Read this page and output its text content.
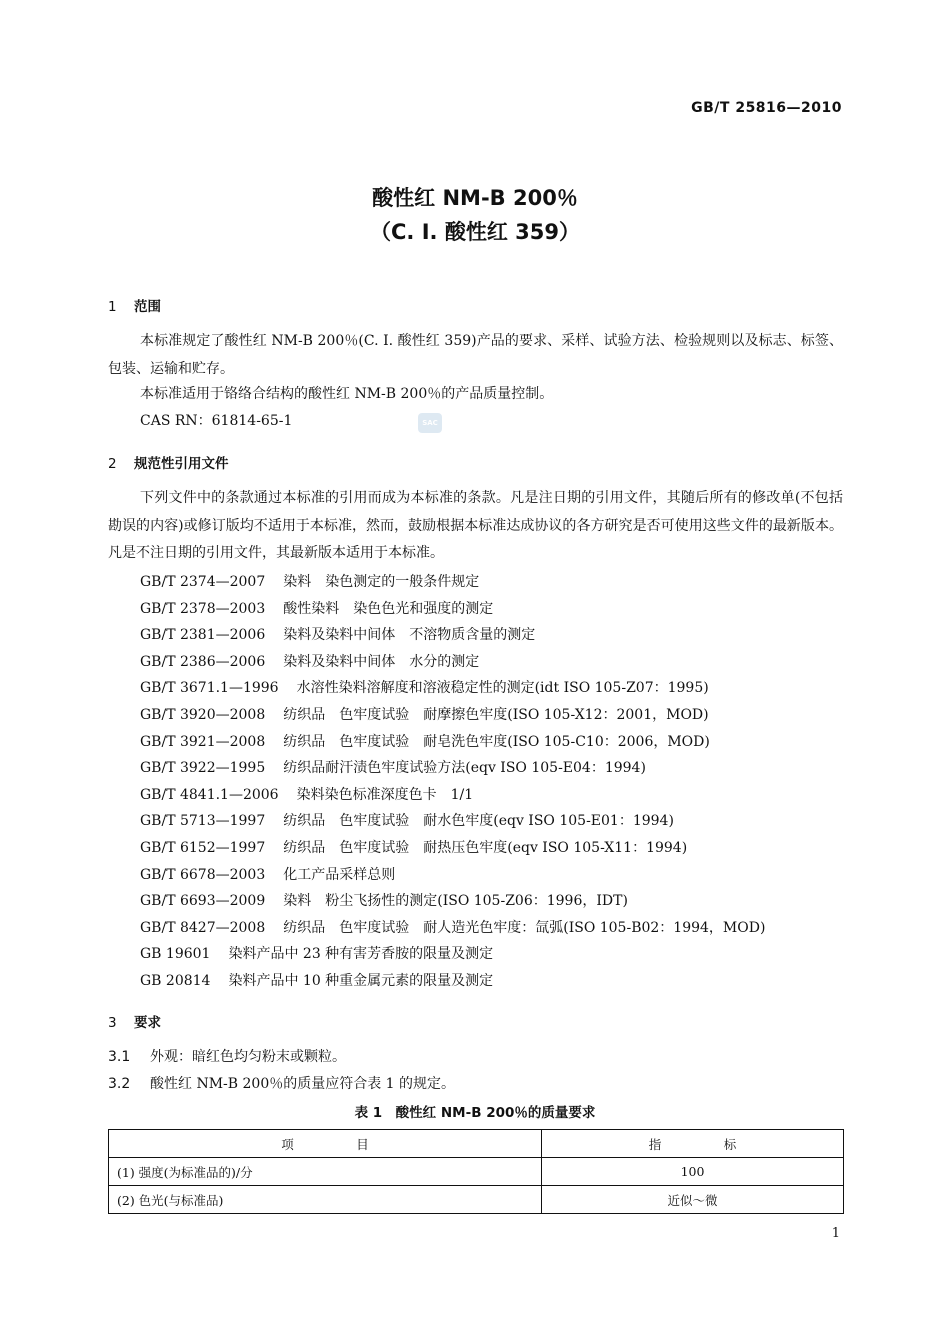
GB/T 25816—2010
酸性红 NM-B 200％
（C. I. 酸性红 359）
SAC
1 范围
本标准规定了酸性红 NM-B 200％(C. I. 酸性红 359)产品的要求、采样、试验方法、检验规则以及标志、标签、包装、运输和贮存。
本标准适用于铬络合结构的酸性红 NM-B 200％的产品质量控制。
CAS RN：61814-65-1
2 规范性引用文件
下列文件中的条款通过本标准的引用而成为本标准的条款。凡是注日期的引用文件，其随后所有的修改单(不包括勘误的内容)或修订版均不适用于本标准，然而，鼓励根据本标准达成协议的各方研究是否可使用这些文件的最新版本。凡是不注日期的引用文件，其最新版本适用于本标准。
GB/T 2374—2007 染料　染色测定的一般条件规定
GB/T 2378—2003 酸性染料　染色色光和强度的测定
GB/T 2381—2006 染料及染料中间体　不溶物质含量的测定
GB/T 2386—2006 染料及染料中间体　水分的测定
GB/T 3671.1—1996 水溶性染料溶解度和溶液稳定性的测定(idt ISO 105-Z07：1995)
GB/T 3920—2008 纺织品　色牢度试验　耐摩擦色牢度(ISO 105-X12：2001，MOD)
GB/T 3921—2008 纺织品　色牢度试验　耐皂洗色牢度(ISO 105-C10：2006，MOD)
GB/T 3922—1995 纺织品耐汗渍色牢度试验方法(eqv ISO 105-E04：1994)
GB/T 4841.1—2006 染料染色标准深度色卡　1/1
GB/T 5713—1997 纺织品　色牢度试验　耐水色牢度(eqv ISO 105-E01：1994)
GB/T 6152—1997 纺织品　色牢度试验　耐热压色牢度(eqv ISO 105-X11：1994)
GB/T 6678—2003 化工产品采样总则
GB/T 6693—2009 染料　粉尘飞扬性的测定(ISO 105-Z06：1996，IDT)
GB/T 8427—2008 纺织品　色牢度试验　耐人造光色牢度：氙弧(ISO 105-B02：1994，MOD)
GB 19601 染料产品中 23 种有害芳香胺的限量及测定
GB 20814 染料产品中 10 种重金属元素的限量及测定
3 要求
3.1 外观：暗红色均匀粉末或颗粒。
3.2 酸性红 NM-B 200％的质量应符合表 1 的规定。
表 1　酸性红 NM-B 200％的质量要求
项　　　　　目	指　　　　　标
(1) 强度(为标准品的)/分	100
(2) 色光(与标准品)	近似～微
1
